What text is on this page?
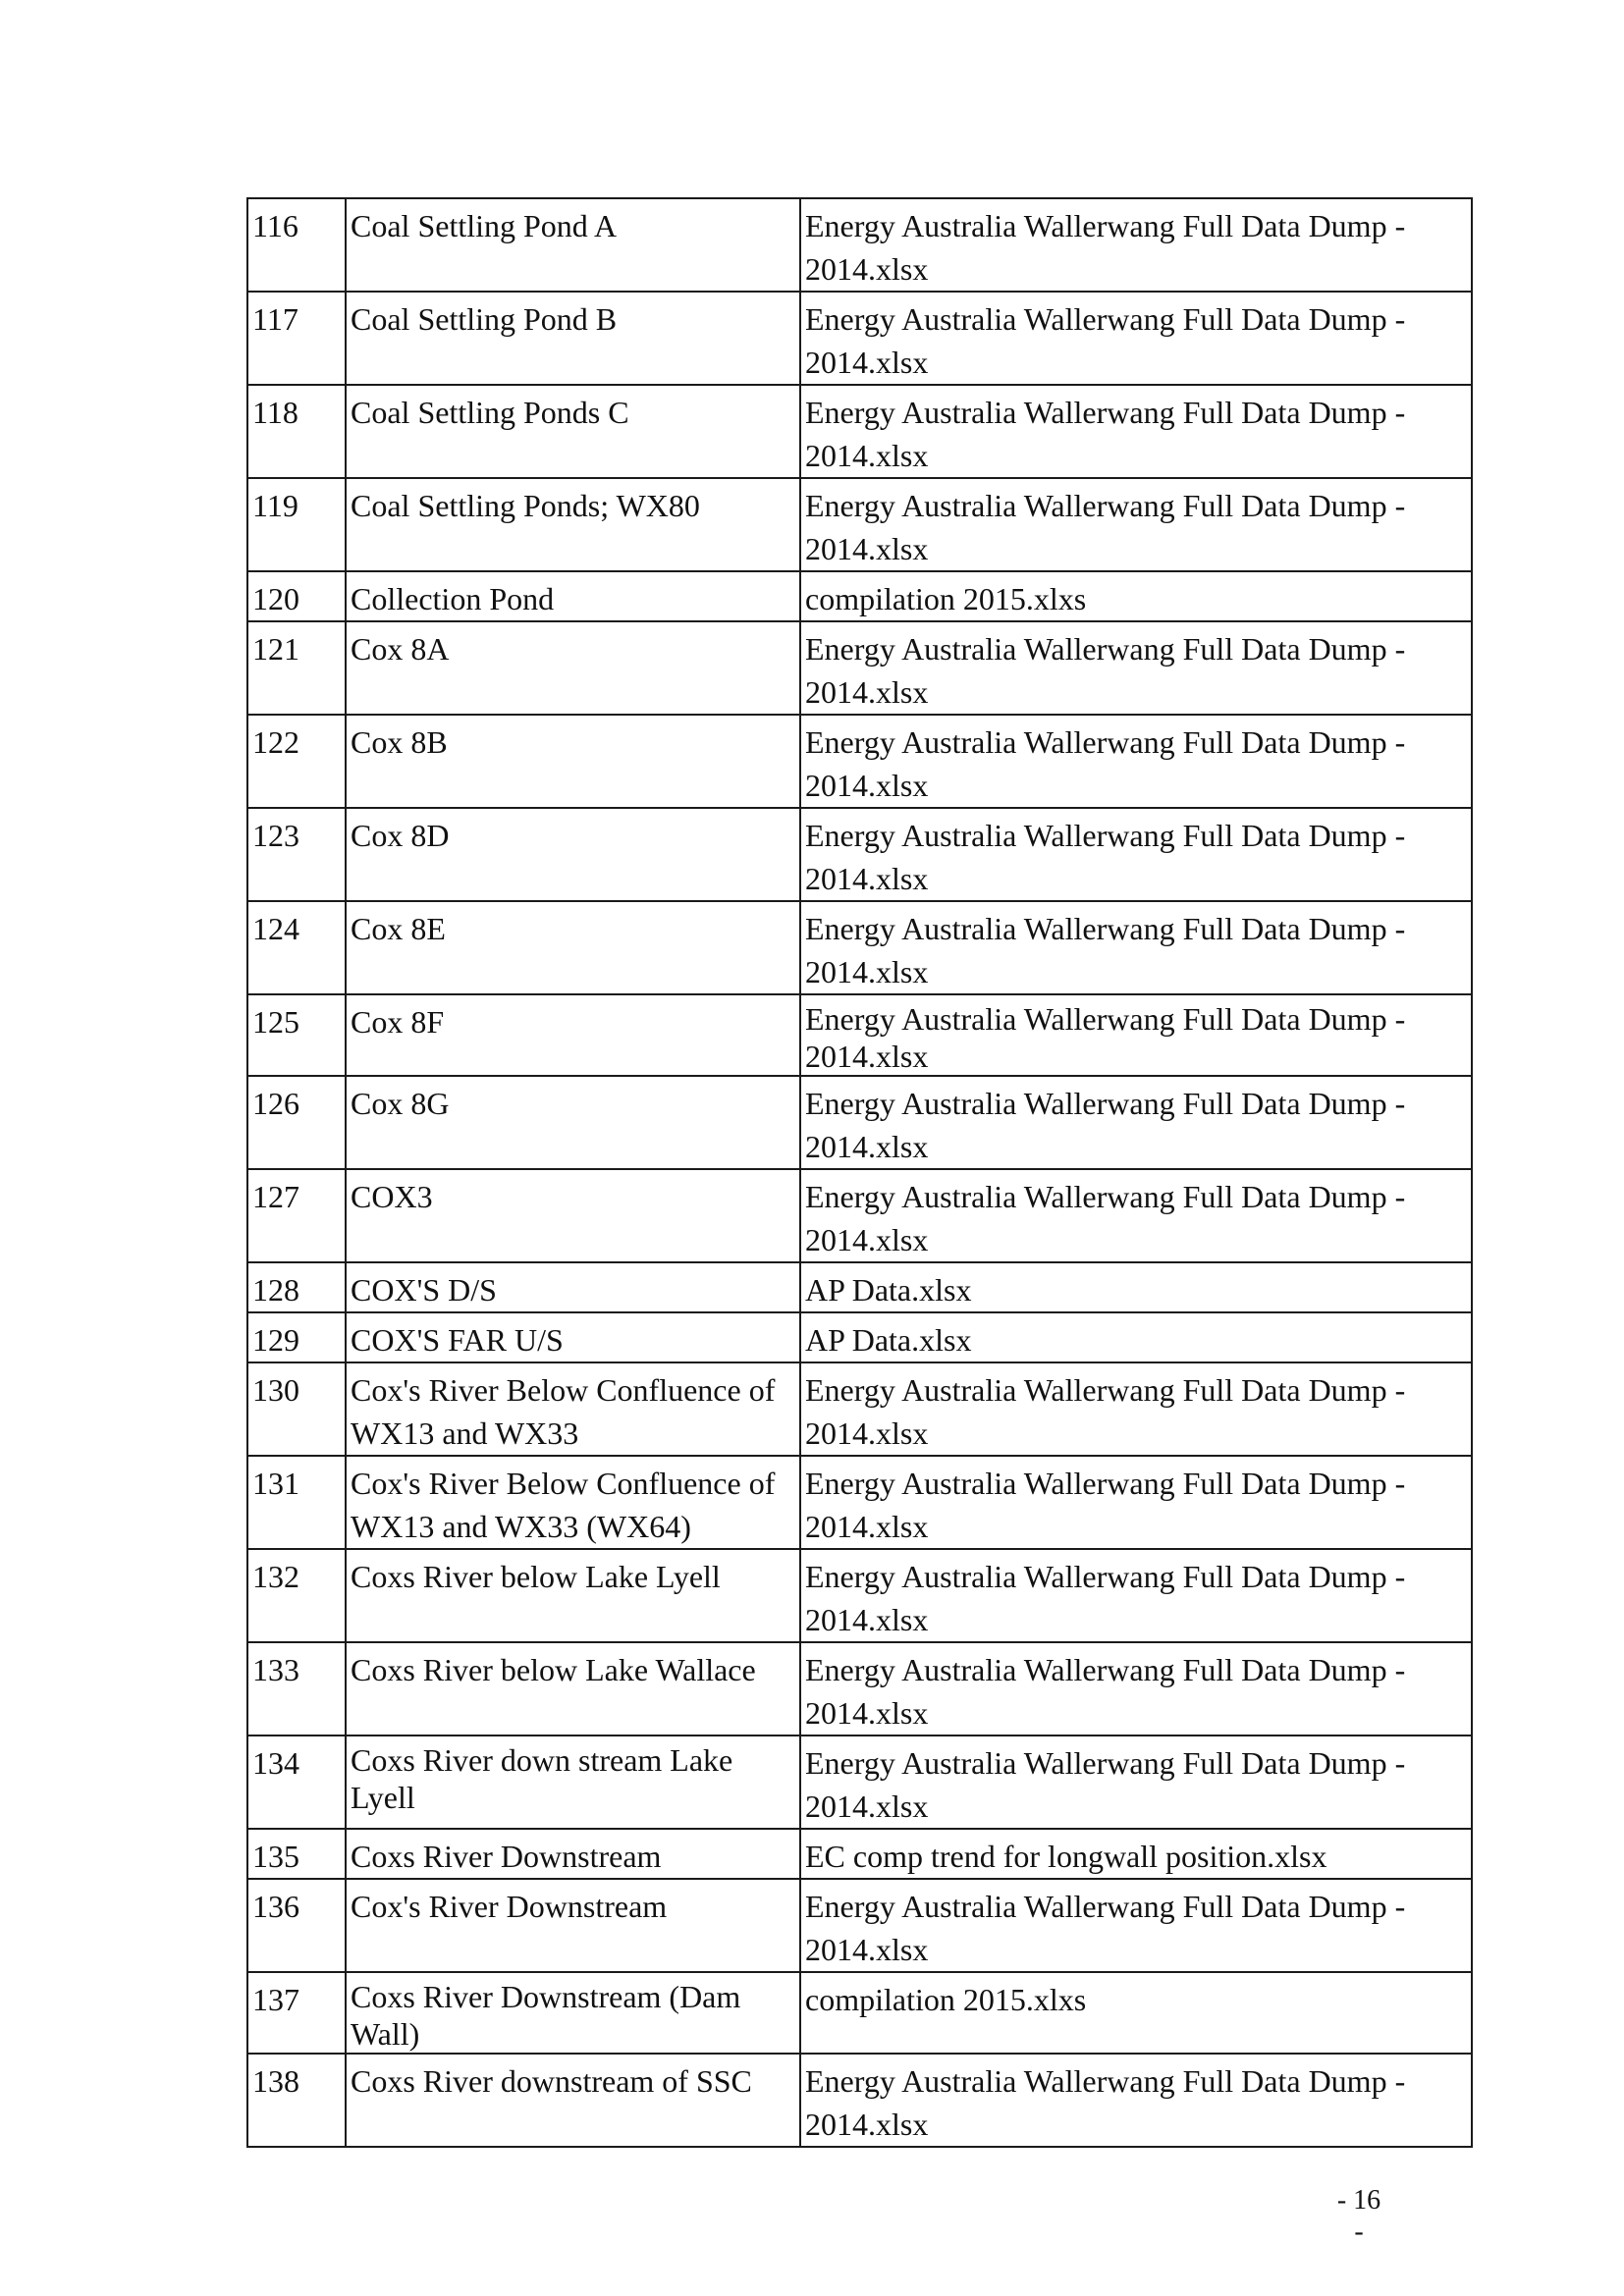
116	Coal Settling Pond A	Energy Australia Wallerwang Full Data Dump - 2014.xlsx
117	Coal Settling Pond B	Energy Australia Wallerwang Full Data Dump - 2014.xlsx
118	Coal Settling Ponds C	Energy Australia Wallerwang Full Data Dump - 2014.xlsx
119	Coal Settling Ponds; WX80	Energy Australia Wallerwang Full Data Dump - 2014.xlsx
120	Collection Pond	compilation 2015.xlxs
121	Cox 8A	Energy Australia Wallerwang Full Data Dump - 2014.xlsx
122	Cox 8B	Energy Australia Wallerwang Full Data Dump - 2014.xlsx
123	Cox 8D	Energy Australia Wallerwang Full Data Dump - 2014.xlsx
124	Cox 8E	Energy Australia Wallerwang Full Data Dump - 2014.xlsx
125	Cox 8F	Energy Australia Wallerwang Full Data Dump - 2014.xlsx
126	Cox 8G	Energy Australia Wallerwang Full Data Dump - 2014.xlsx
127	COX3	Energy Australia Wallerwang Full Data Dump - 2014.xlsx
128	COX'S D/S	AP Data.xlsx
129	COX'S FAR U/S	AP Data.xlsx
130	Cox's River Below Confluence of WX13 and WX33	Energy Australia Wallerwang Full Data Dump - 2014.xlsx
131	Cox's River Below Confluence of WX13 and WX33 (WX64)	Energy Australia Wallerwang Full Data Dump - 2014.xlsx
132	Coxs River below Lake Lyell	Energy Australia Wallerwang Full Data Dump - 2014.xlsx
133	Coxs River below Lake Wallace	Energy Australia Wallerwang Full Data Dump - 2014.xlsx
134	Coxs River down stream Lake Lyell	Energy Australia Wallerwang Full Data Dump - 2014.xlsx
135	Coxs River Downstream	EC comp trend for longwall position.xlsx
136	Cox's River Downstream	Energy Australia Wallerwang Full Data Dump - 2014.xlsx
137	Coxs River Downstream (Dam Wall)	compilation 2015.xlxs
138	Coxs River downstream of SSC	Energy Australia Wallerwang Full Data Dump - 2014.xlsx
- 16 -
